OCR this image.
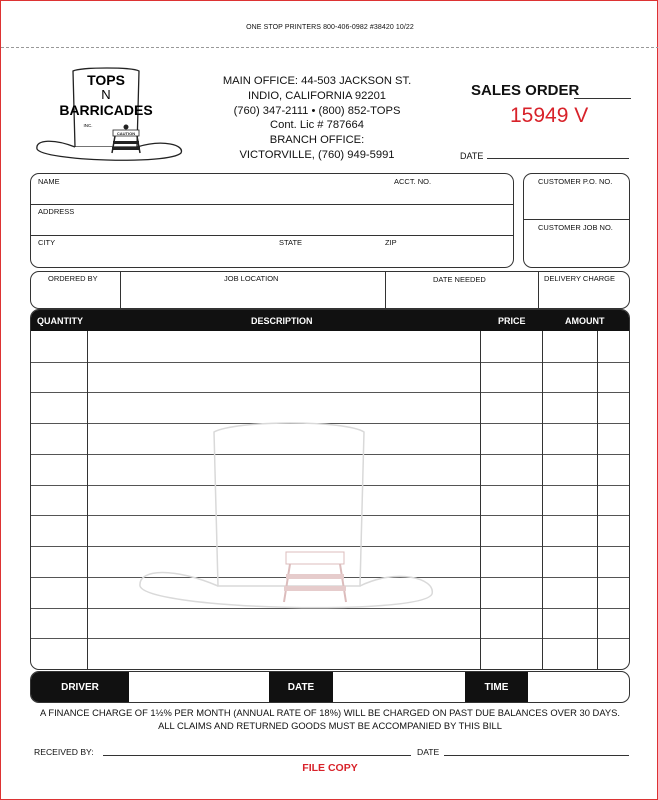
ONE STOP PRINTERS 800-406-0982 #38420 10/22
TOPS
N
BARRICADES
INC.
CAUTION
MAIN OFFICE: 44-503 JACKSON ST.
INDIO, CALIFORNIA 92201
(760) 347-2111 • (800) 852-TOPS
Cont. Lic # 787664
BRANCH OFFICE:
VICTORVILLE, (760) 949-5991
SALES ORDER
15949 V
DATE
NAME	ACCT. NO.
ADDRESS
CITY	STATE	ZIP
CUSTOMER P.O. NO.
CUSTOMER JOB NO.
ORDERED BY	JOB LOCATION	DATE NEEDED	DELIVERY CHARGE
QUANTITY	DESCRIPTION	PRICE	AMOUNT
DRIVER	DATE	TIME
A FINANCE CHARGE OF 1½% PER MONTH (ANNUAL RATE OF 18%) WILL BE CHARGED ON PAST DUE BALANCES OVER 30 DAYS.
ALL CLAIMS AND RETURNED GOODS MUST BE ACCOMPANIED BY THIS BILL
RECEIVED BY:	DATE
FILE COPY
